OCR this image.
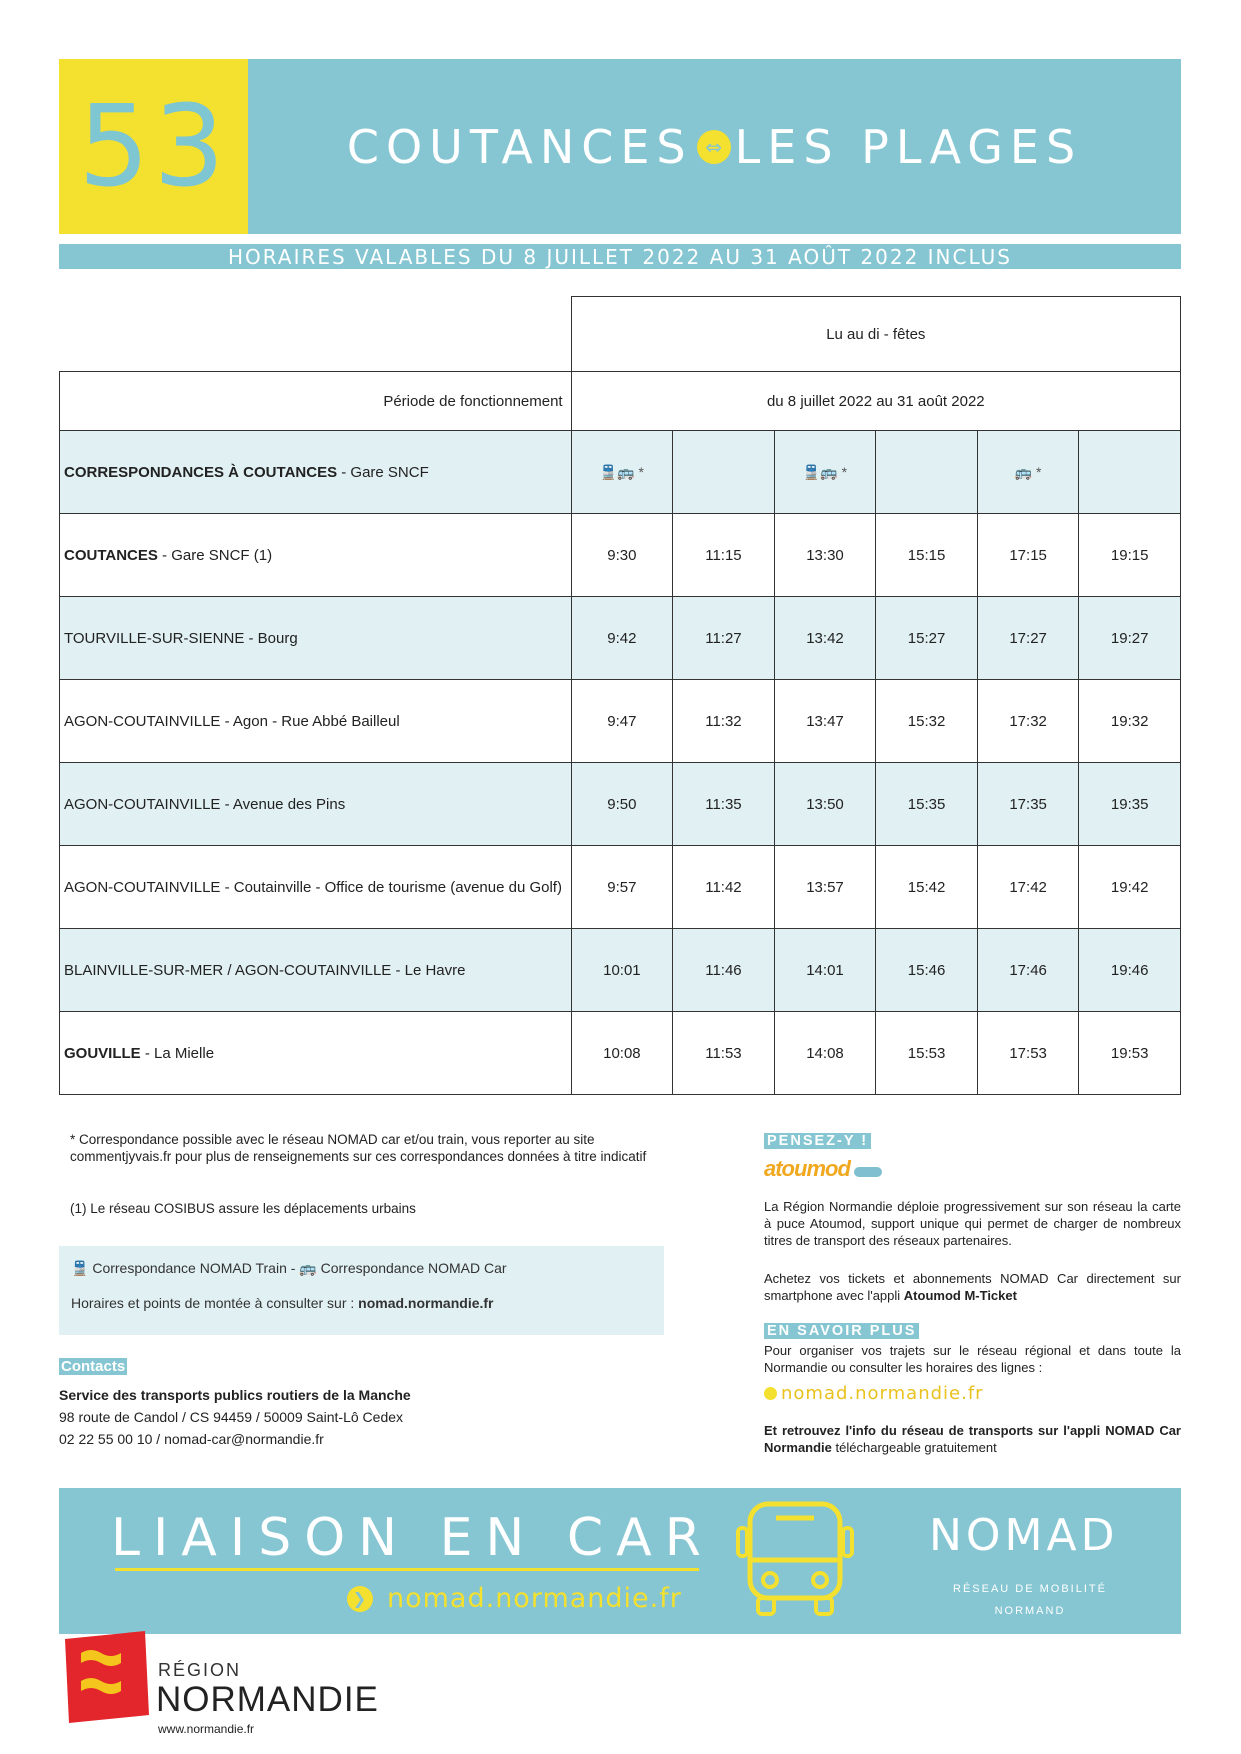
53	COUTANCES ⇔ LES PLAGES
HORAIRES VALABLES DU 8 JUILLET 2022 AU 31 AOÛT 2022 INCLUS
	Lu au di - fêtes					
Période de fonctionnement	du 8 juillet 2022 au 31 août 2022					
CORRESPONDANCES À COUTANCES - Gare SNCF	🚆🚌 *		🚆🚌 *		🚌 *	
COUTANCES - Gare SNCF (1)	9:30	11:15	13:30	15:15	17:15	19:15
TOURVILLE-SUR-SIENNE - Bourg	9:42	11:27	13:42	15:27	17:27	19:27
AGON-COUTAINVILLE - Agon - Rue Abbé Bailleul	9:47	11:32	13:47	15:32	17:32	19:32
AGON-COUTAINVILLE - Avenue des Pins	9:50	11:35	13:50	15:35	17:35	19:35
AGON-COUTAINVILLE - Coutainville - Office de tourisme (avenue du Golf)	9:57	11:42	13:57	15:42	17:42	19:42
BLAINVILLE-SUR-MER / AGON-COUTAINVILLE - Le Havre	10:01	11:46	14:01	15:46	17:46	19:46
GOUVILLE - La Mielle	10:08	11:53	14:08	15:53	17:53	19:53
* Correspondance possible avec le réseau NOMAD car et/ou train, vous reporter au site commentjyvais.fr pour plus de renseignements sur ces correspondances données à titre indicatif
(1) Le réseau COSIBUS assure les déplacements urbains
🚆 Correspondance NOMAD Train - 🚌 Correspondance NOMAD Car
Horaires et points de montée à consulter sur : nomad.normandie.fr
Contacts
Service des transports publics routiers de la Manche
98 route de Candol / CS 94459 / 50009 Saint-Lô Cedex
02 22 55 00 10 / nomad-car@normandie.fr
PENSEZ-Y !
atoumod
La Région Normandie déploie progressivement sur son réseau la carte à puce Atoumod, support unique qui permet de charger de nombreux titres de transport des réseaux partenaires.
Achetez vos tickets et abonnements NOMAD Car directement sur smartphone avec l'appli Atoumod M-Ticket
EN SAVOIR PLUS
Pour organiser vos trajets sur le réseau régional et dans toute la Normandie ou consulter les horaires des lignes :
nomad.normandie.fr
Et retrouvez l'info du réseau de transports sur l'appli NOMAD Car Normandie téléchargeable gratuitement
LIAISON EN CAR
❯ nomad.normandie.fr
NOMAD
RÉSEAU DE MOBILITÉ
NORMAND
RÉGION
NORMANDIE
www.normandie.fr
